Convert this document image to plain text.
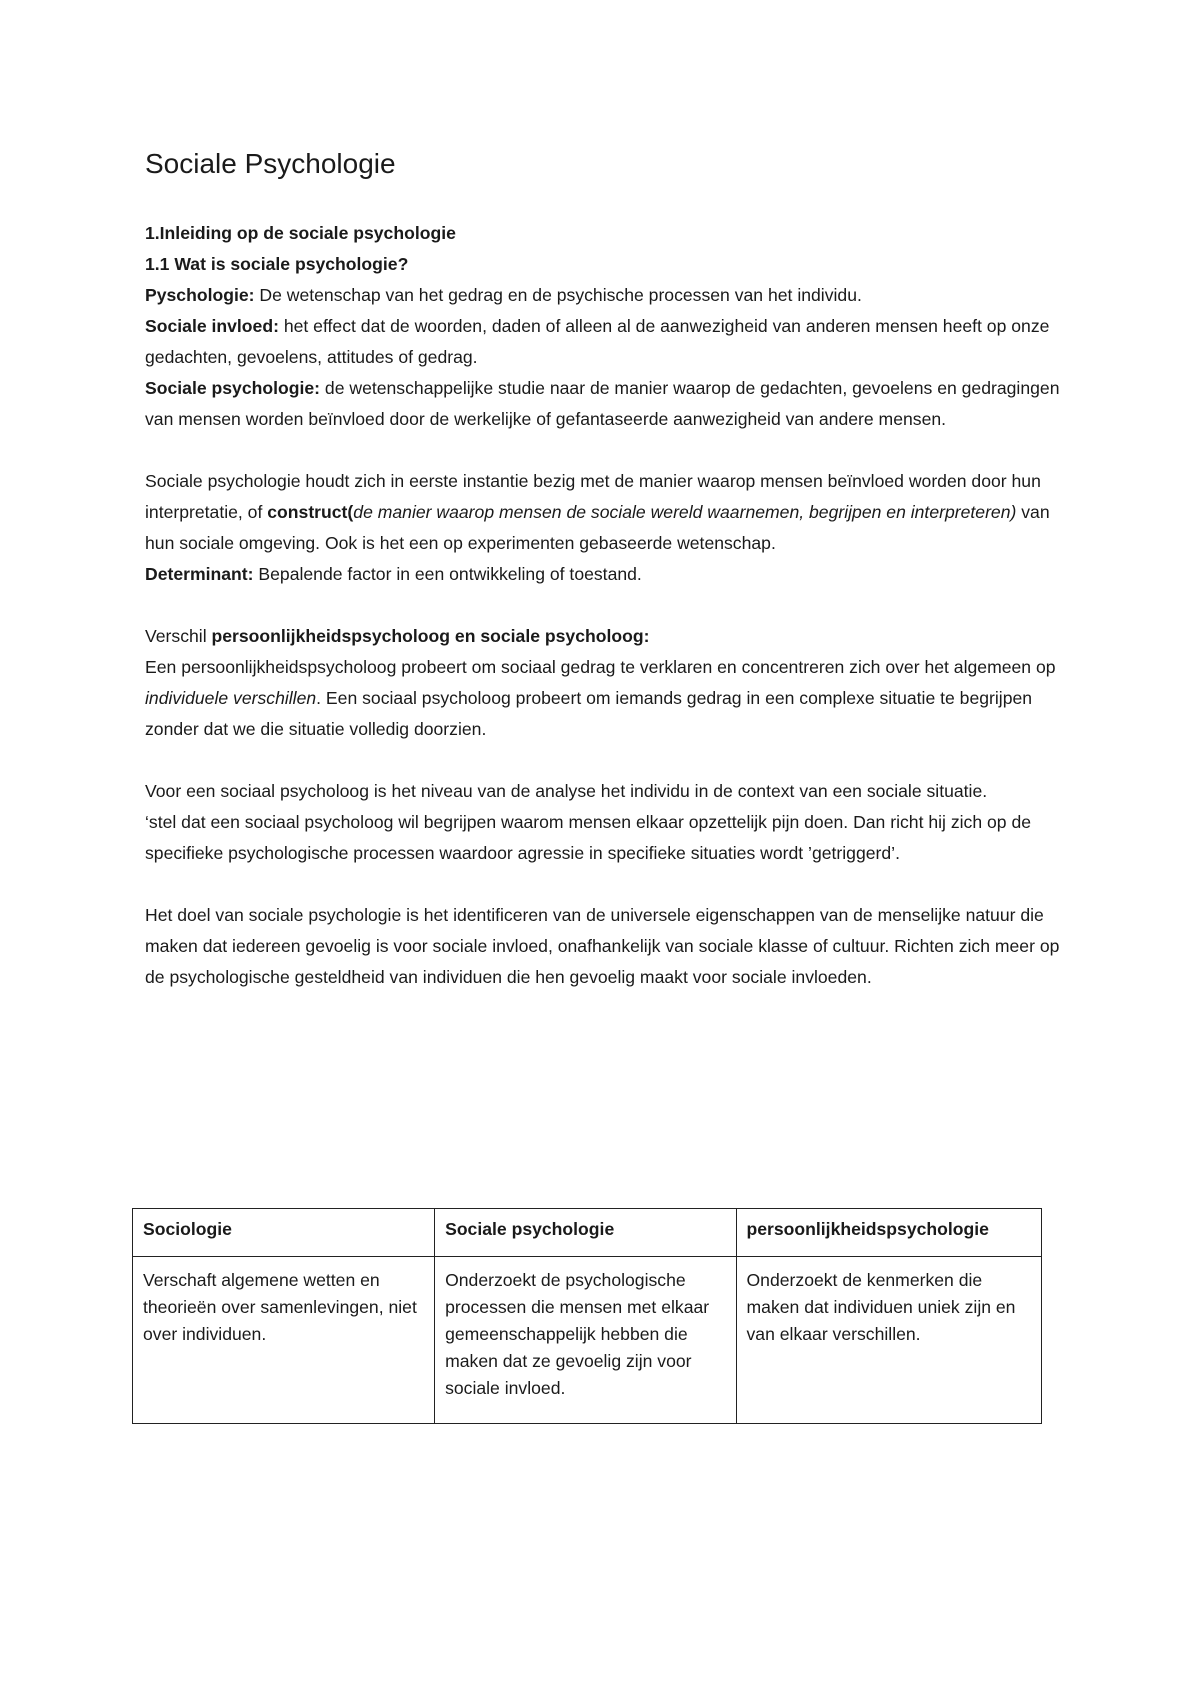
Sociale Psychologie

1.Inleiding op de sociale psychologie

1.1 Wat is sociale psychologie?

Pyschologie: De wetenschap van het gedrag en de psychische processen van het individu.

Sociale invloed: het effect dat de woorden, daden of alleen al de aanwezigheid van anderen mensen heeft op onze gedachten, gevoelens, attitudes of gedrag.

Sociale psychologie: de wetenschappelijke studie naar de manier waarop de gedachten, gevoelens en gedragingen van mensen worden beïnvloed door de werkelijke of gefantaseerde aanwezigheid van andere mensen.

Sociale psychologie houdt zich in eerste instantie bezig met de manier waarop mensen beïnvloed worden door hun interpretatie, of construct(de manier waarop mensen de sociale wereld waarnemen, begrijpen en interpreteren) van hun sociale omgeving. Ook is het een op experimenten gebaseerde wetenschap.

Determinant: Bepalende factor in een ontwikkeling of toestand.

Verschil persoonlijkheidspsycholoog en sociale psycholoog:

Een persoonlijkheidspsycholoog probeert om sociaal gedrag te verklaren en concentreren zich over het algemeen op individuele verschillen. Een sociaal psycholoog probeert om iemands gedrag in een complexe situatie te begrijpen zonder dat we die situatie volledig doorzien.

Voor een sociaal psycholoog is het niveau van de analyse het individu in de context van een sociale situatie.

‘stel dat een sociaal psycholoog wil begrijpen waarom mensen elkaar opzettelijk pijn doen. Dan richt hij zich op de specifieke psychologische processen waardoor agressie in specifieke situaties wordt ’getriggerd’.

Het doel van sociale psychologie is het identificeren van de universele eigenschappen van de menselijke natuur die maken dat iedereen gevoelig is voor sociale invloed, onafhankelijk van sociale klasse of cultuur. Richten zich meer op de psychologische gesteldheid van individuen die hen gevoelig maakt voor sociale invloeden.

Sociologie	Sociale psychologie	persoonlijkheidspsychologie
Verschaft algemene wetten en theorieën over samenlevingen, niet over individuen.	Onderzoekt de psychologische processen die mensen met elkaar gemeenschappelijk hebben die maken dat ze gevoelig zijn voor sociale invloed.	Onderzoekt de kenmerken die maken dat individuen uniek zijn en van elkaar verschillen.
